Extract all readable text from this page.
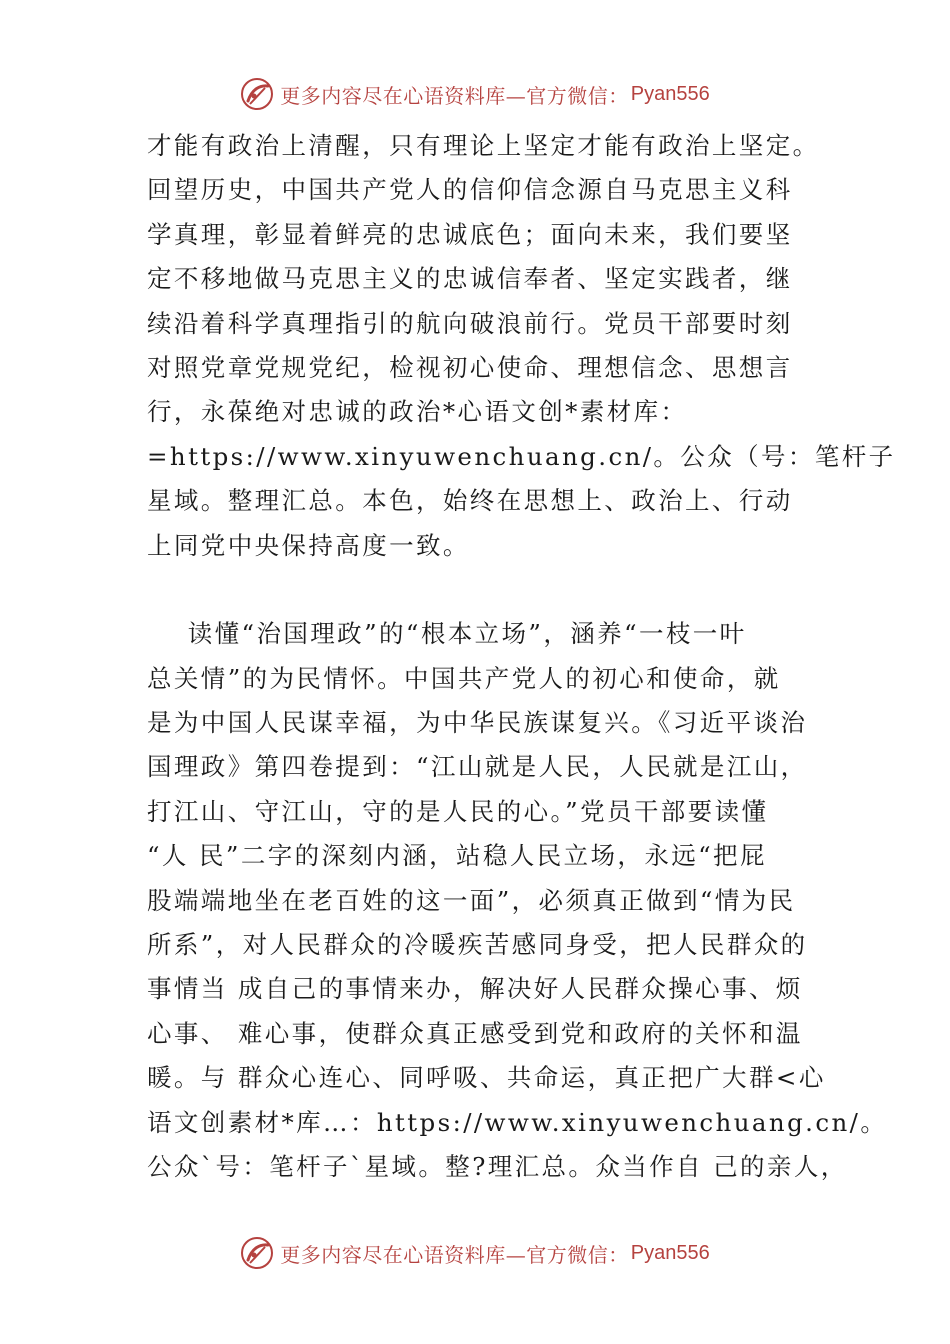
更多内容尽在心语资料库—官方微信： Pyan556
才能有政治上清醒，只有理论上坚定才能有政治上坚定。
回望历史，中国共产党人的信仰信念源自马克思主义科
学真理，彰显着鲜亮的忠诚底色；面向未来，我们要坚
定不移地做马克思主义的忠诚信奉者、坚定实践者，继
续沿着科学真理指引的航向破浪前行。党员干部要时刻
对照党章党规党纪，检视初心使命、理想信念、思想言
行，永葆绝对忠诚的政治*心语文创*素材库：
=https://www.xinyuwenchuang.cn/。公众（号：笔杆子
星域。整理汇总。本色，始终在思想上、政治上、行动
上同党中央保持高度一致。
读懂“治国理政”的“根本立场”，涵养“一枝一叶
总关情”的为民情怀。中国共产党人的初心和使命，就
是为中国人民谋幸福，为中华民族谋复兴。《习近平谈治
国理政》第四卷提到：“江山就是人民，人民就是江山，
打江山、守江山，守的是人民的心。”党员干部要读懂
“人 民”二字的深刻内涵，站稳人民立场，永远“把屁
股端端地坐在老百姓的这一面”，必须真正做到“情为民
所系”，对人民群众的冷暖疾苦感同身受，把人民群众的
事情当 成自己的事情来办，解决好人民群众操心事、烦
心事、 难心事，使群众真正感受到党和政府的关怀和温
暖。与 群众心连心、同呼吸、共命运，真正把广大群<心
语文创素材*库…：https://www.xinyuwenchuang.cn/。
公众`号：笔杆子`星域。整?理汇总。众当作自 己的亲人，
更多内容尽在心语资料库—官方微信： Pyan556
